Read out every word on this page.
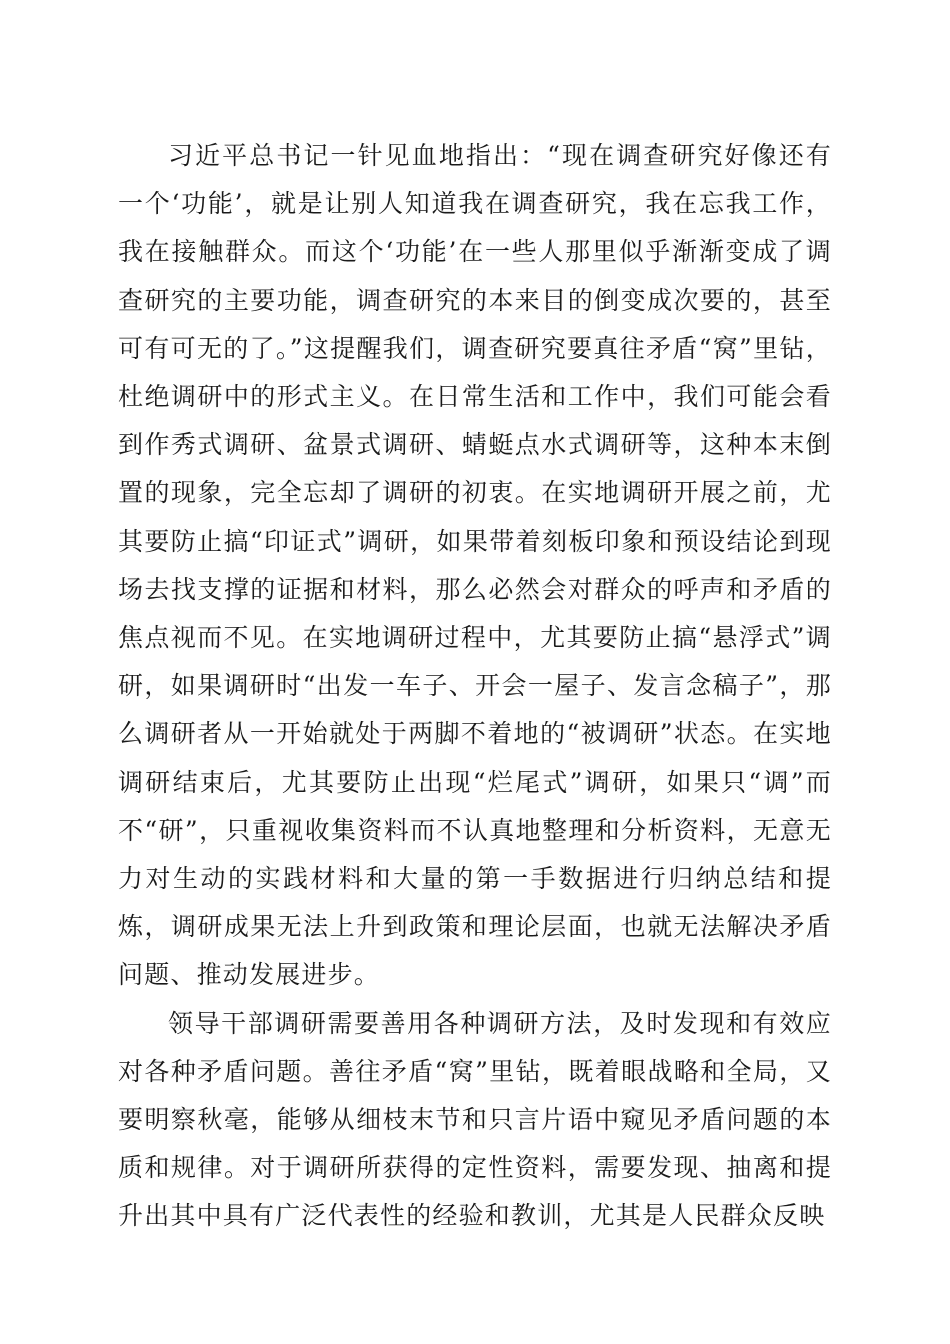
习近平总书记一针见血地指出：“现在调查研究好像还有一个‘功能’，就是让别人知道我在调查研究，我在忘我工作，我在接触群众。而这个‘功能’在一些人那里似乎渐渐变成了调查研究的主要功能，调查研究的本来目的倒变成次要的，甚至可有可无的了。”这提醒我们，调查研究要真往矛盾“窝”里钻，杜绝调研中的形式主义。在日常生活和工作中，我们可能会看到作秀式调研、盆景式调研、蜻蜓点水式调研等，这种本末倒置的现象，完全忘却了调研的初衷。在实地调研开展之前，尤其要防止搞“印证式”调研，如果带着刻板印象和预设结论到现场去找支撑的证据和材料，那么必然会对群众的呼声和矛盾的焦点视而不见。在实地调研过程中，尤其要防止搞“悬浮式”调研，如果调研时“出发一车子、开会一屋子、发言念稿子”，那么调研者从一开始就处于两脚不着地的“被调研”状态。在实地调研结束后，尤其要防止出现“烂尾式”调研，如果只“调”而不“研”，只重视收集资料而不认真地整理和分析资料，无意无力对生动的实践材料和大量的第一手数据进行归纳总结和提炼，调研成果无法上升到政策和理论层面，也就无法解决矛盾问题、推动发展进步。

领导干部调研需要善用各种调研方法，及时发现和有效应对各种矛盾问题。善往矛盾“窝”里钻，既着眼战略和全局，又要明察秋毫，能够从细枝末节和只言片语中窥见矛盾问题的本质和规律。对于调研所获得的定性资料，需要发现、抽离和提升出其中具有广泛代表性的经验和教训，尤其是人民群众反映
